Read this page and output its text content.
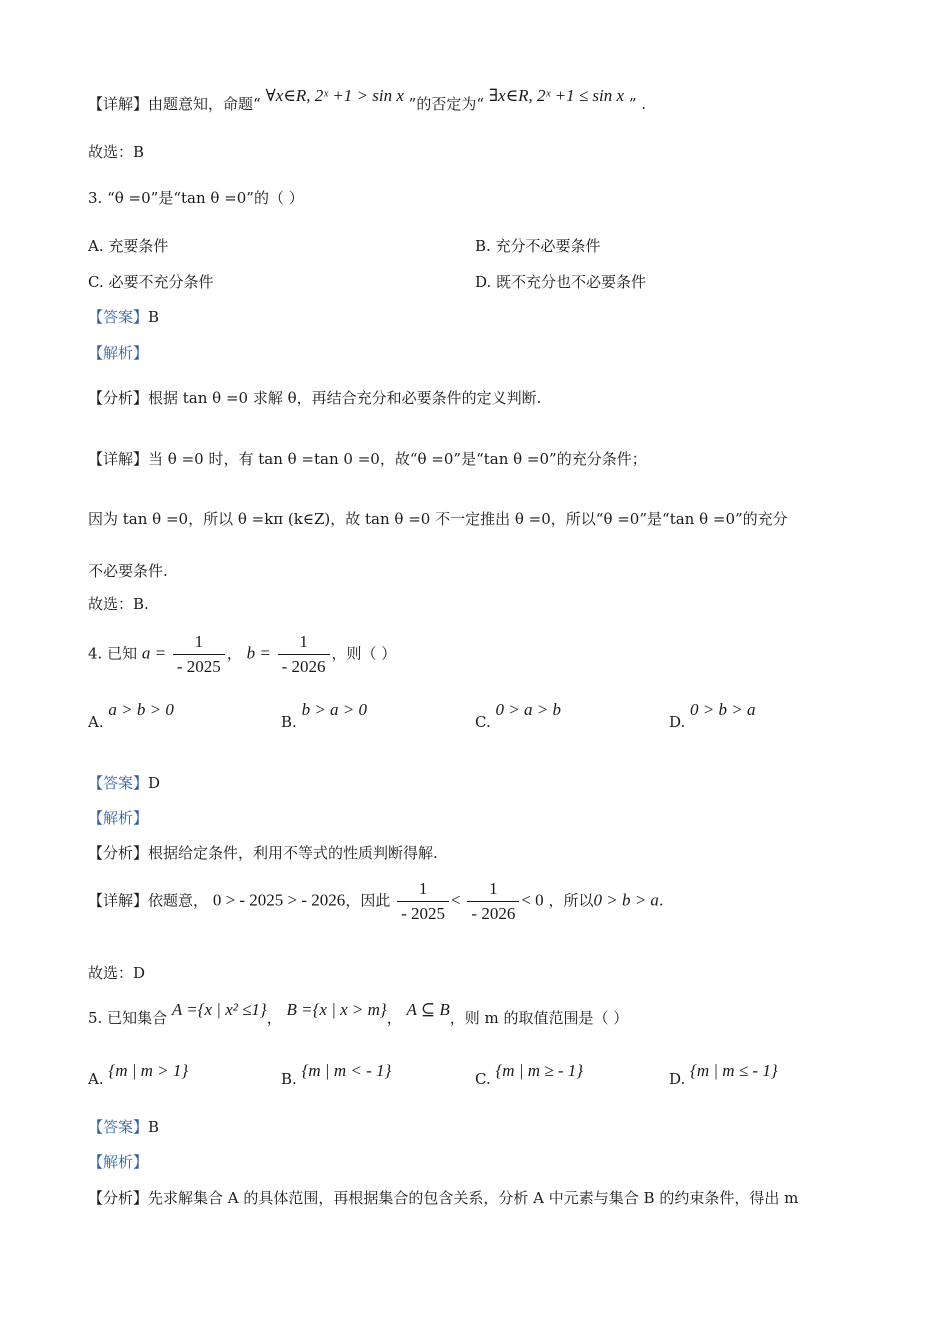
【详解】由题意知，命题“ ∀x∈R, 2ˣ +1 > sin x ”的否定为“ ∃x∈R, 2ˣ +1 ≤ sin x ” .
故选：B
3. “θ =0”是“tan θ =0”的（ ）
A. 充要条件	B. 充分不必要条件
C. 必要不充分条件	D. 既不充分也不必要条件
【答案】B
【解析】
【分析】根据 tan θ =0 求解 θ，再结合充分和必要条件的定义判断.
【详解】当 θ =0 时，有 tan θ =tan 0 =0，故“θ =0”是“tan θ =0”的充分条件；
因为 tan θ =0，所以 θ =kπ (k∈Z)，故 tan θ =0 不一定推出 θ =0，所以“θ =0”是“tan θ =0”的充分
不必要条件.
故选：B.
4. 已知 $a = \frac{1}{- 2025}$ ， $b = \frac{1}{- 2026}$ ，则（ ）
A. a > b > 0
B. b > a > 0
C. 0 > a > b
D. 0 > b > a
【答案】D
【解析】
【分析】根据给定条件，利用不等式的性质判断得解.
【详解】依题意， 0 > - 2025 > - 2026，因此 $\frac{1}{- 2025} < \frac{1}{- 2026} < 0$ ，所以0 > b > a.
故选：D
5. 已知集合 A ={x | x² ≤1}， B ={x | x > m}， A ⊆ B，则 m 的取值范围是（ ）
A. {m | m > 1}	B. {m | m < - 1}	C. {m | m ≥ - 1}	D. {m | m ≤ - 1}
【答案】B
【解析】
【分析】先求解集合 A 的具体范围，再根据集合的包含关系，分析 A 中元素与集合 B 的约束条件，得出 m
